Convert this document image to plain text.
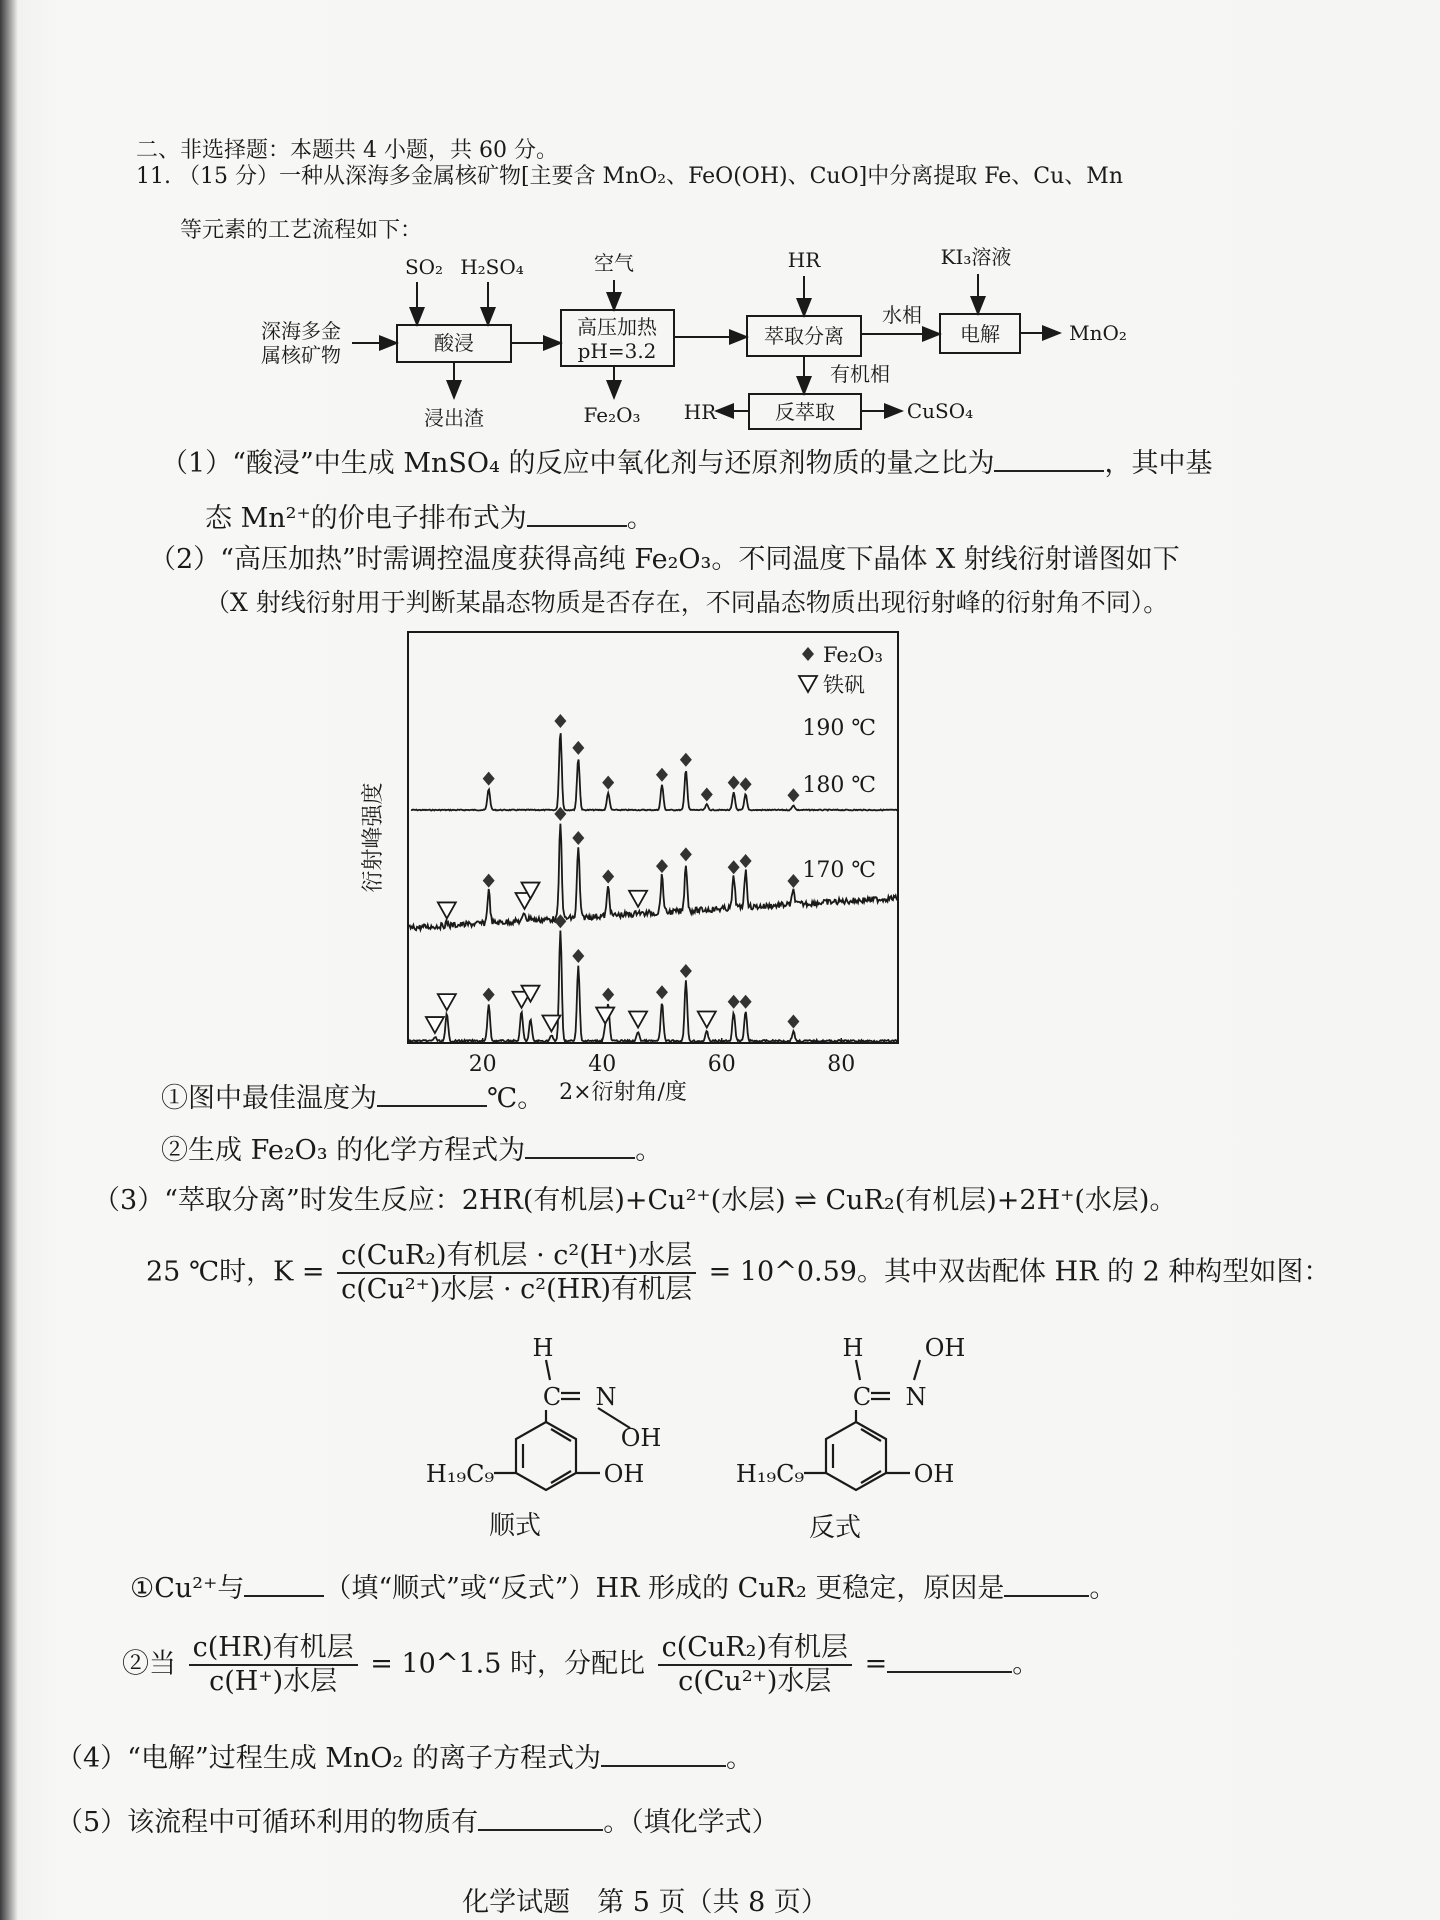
二、非选择题：本题共 4 小题，共 60 分。
11. （15 分）一种从深海多金属核矿物[主要含 MnO₂、FeO(OH)、CuO]中分离提取 Fe、Cu、Mn
等元素的工艺流程如下：
深海多金
属核矿物
SO₂ H₂SO₄	空气	HR	KI₃溶液
酸浸
高压加热
pH=3.2
萃取分离	电解
反萃取
浸出渣	Fe₂O₃
MnO₂
CuSO₄
HR
水相
有机相
（1）“酸浸”中生成 MnSO₄ 的反应中氧化剂与还原剂物质的量之比为	，其中基
态 Mn²⁺的价电子排布式为	。
（2）“高压加热”时需调控温度获得高纯 Fe₂O₃。不同温度下晶体 X 射线衍射谱图如下
（X 射线衍射用于判断某晶态物质是否存在，不同晶态物质出现衍射峰的衍射角不同）。
20	40	60	80
2×衍射角/度
衍射峰强度
190 ℃
180 ℃
170 ℃
Fe₂O₃
铁矾
①图中最佳温度为	℃。
②生成 Fe₂O₃ 的化学方程式为	。
（3）“萃取分离”时发生反应：2HR(有机层)+Cu²⁺(水层) ⇌ CuR₂(有机层)+2H⁺(水层)。
25 ℃时，$K = \frac{\text{c(CuR₂)有机层 · c²(H⁺)水层}}{\text{c(Cu²⁺)水层 · c²(HR)有机层}}$ = 10^0.59。其中双齿配体 HR 的 2 种构型如图：
H
C N
OH
OH
H₁₉C₉
顺式
H	OH
C N
OH
H₁₉C₉
反式
①Cu²⁺与	（填“顺式”或“反式”）HR 形成的 CuR₂ 更稳定，原因是	。
②当 $\frac{\text{c(HR)有机层}}{\text{c(H⁺)水层}}$ = 10^1.5 时，分配比 $\frac{\text{c(CuR₂)有机层}}{\text{c(Cu²⁺)水层}}$ =	。
（4）“电解”过程生成 MnO₂ 的离子方程式为	。
（5）该流程中可循环利用的物质有	。（填化学式）
化学试题　第 5 页（共 8 页）
